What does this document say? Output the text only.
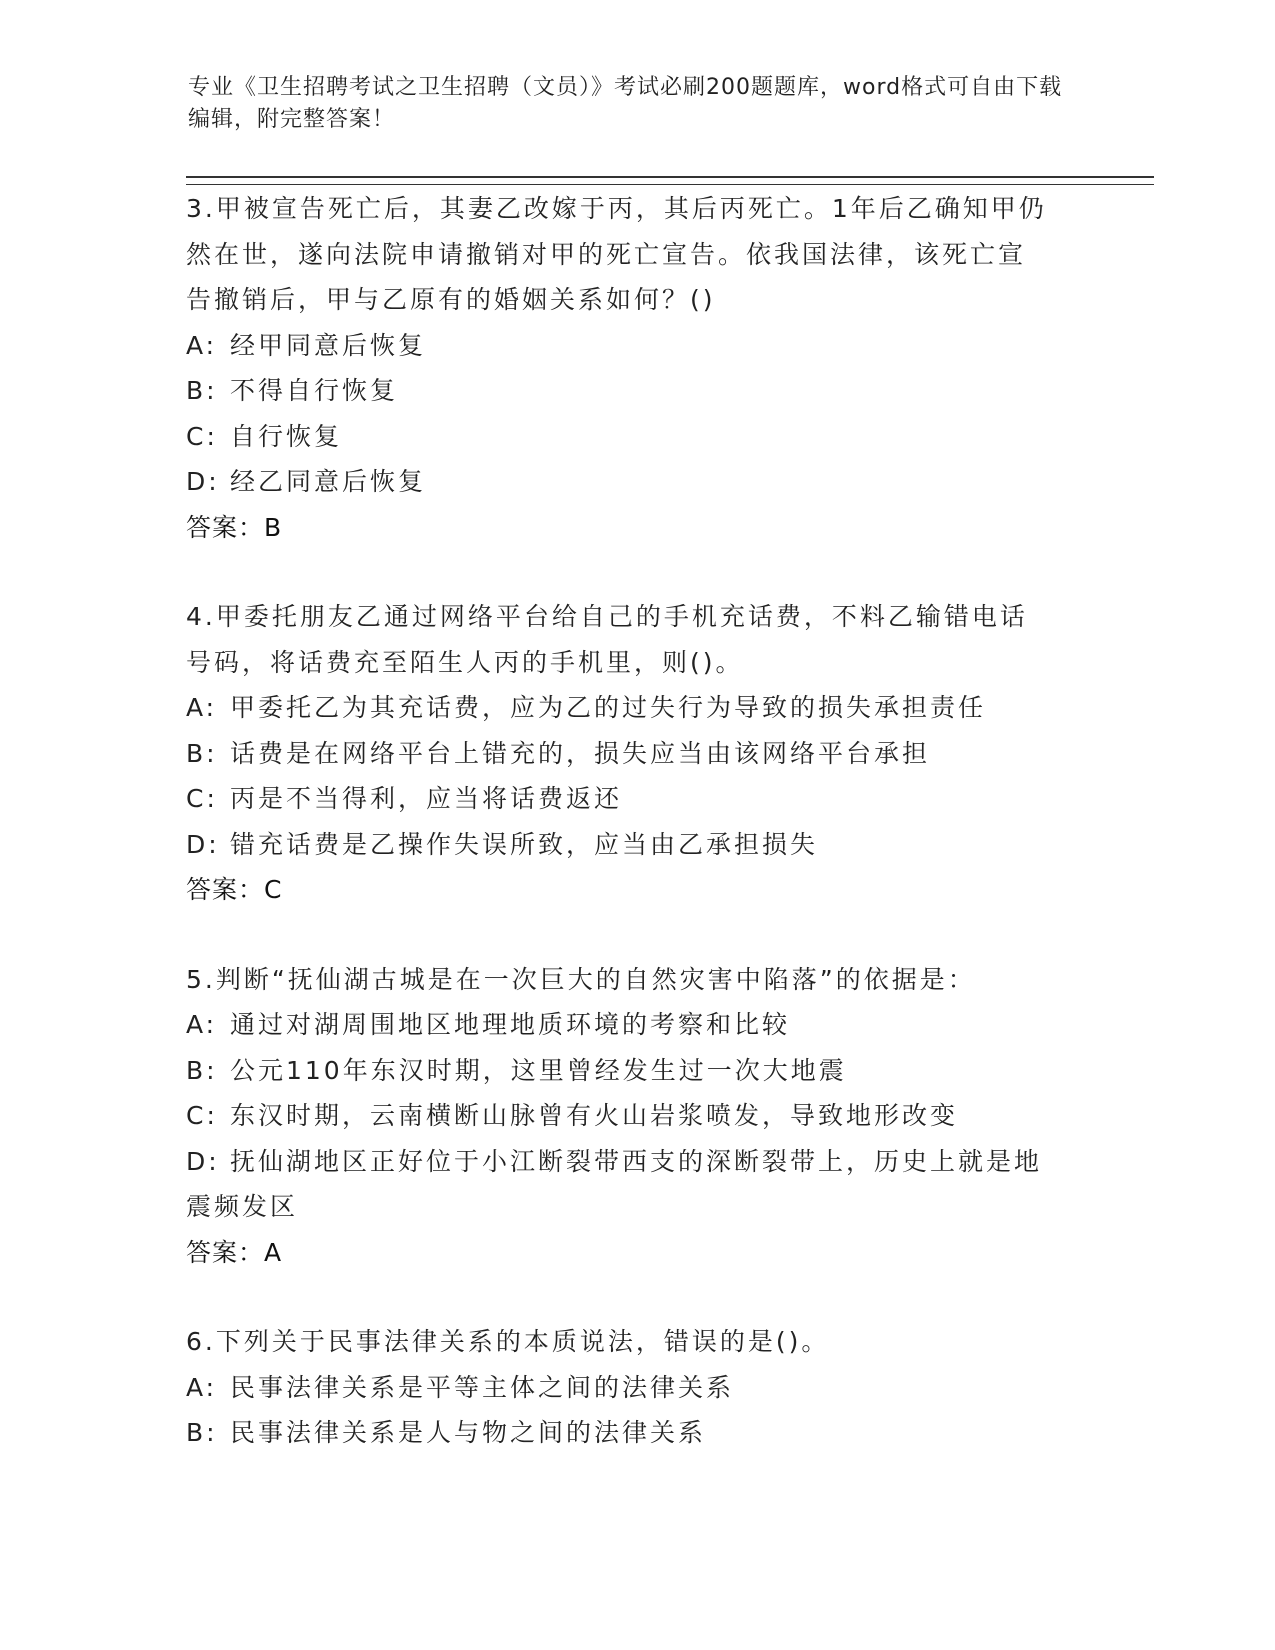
专业《卫生招聘考试之卫生招聘（文员）》考试必刷200题题库，word格式可自由下载编辑，附完整答案！
3.甲被宣告死亡后，其妻乙改嫁于丙，其后丙死亡。1年后乙确知甲仍
然在世，遂向法院申请撤销对甲的死亡宣告。依我国法律，该死亡宣
告撤销后，甲与乙原有的婚姻关系如何？()
A: 经甲同意后恢复
B: 不得自行恢复
C: 自行恢复
D: 经乙同意后恢复
答案：B
4.甲委托朋友乙通过网络平台给自己的手机充话费，不料乙输错电话
号码，将话费充至陌生人丙的手机里，则()。
A: 甲委托乙为其充话费，应为乙的过失行为导致的损失承担责任
B: 话费是在网络平台上错充的，损失应当由该网络平台承担
C: 丙是不当得利，应当将话费返还
D: 错充话费是乙操作失误所致，应当由乙承担损失
答案：C
5.判断“抚仙湖古城是在一次巨大的自然灾害中陷落”的依据是：
A: 通过对湖周围地区地理地质环境的考察和比较
B: 公元110年东汉时期，这里曾经发生过一次大地震
C: 东汉时期，云南横断山脉曾有火山岩浆喷发，导致地形改变
D: 抚仙湖地区正好位于小江断裂带西支的深断裂带上，历史上就是地
震频发区
答案：A
6.下列关于民事法律关系的本质说法，错误的是()。
A: 民事法律关系是平等主体之间的法律关系
B: 民事法律关系是人与物之间的法律关系
